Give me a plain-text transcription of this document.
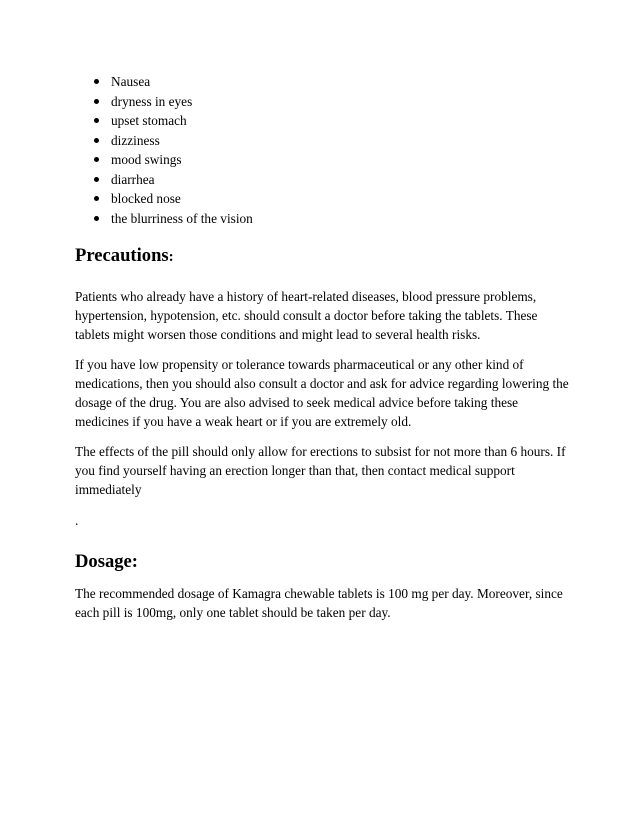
Nausea
dryness in eyes
upset stomach
dizziness
mood swings
diarrhea
blocked nose
the blurriness of the vision
Precautions:

Patients who already have a history of heart-related diseases, blood pressure problems, hypertension, hypotension, etc. should consult a doctor before taking the tablets. These tablets might worsen those conditions and might lead to several health risks.

If you have low propensity or tolerance towards pharmaceutical or any other kind of medications, then you should also consult a doctor and ask for advice regarding lowering the dosage of the drug. You are also advised to seek medical advice before taking these medicines if you have a weak heart or if you are extremely old.

The effects of the pill should only allow for erections to subsist for not more than 6 hours. If you find yourself having an erection longer than that, then contact medical support immediately

.

Dosage:

The recommended dosage of Kamagra chewable tablets is 100 mg per day. Moreover, since each pill is 100mg, only one tablet should be taken per day.
